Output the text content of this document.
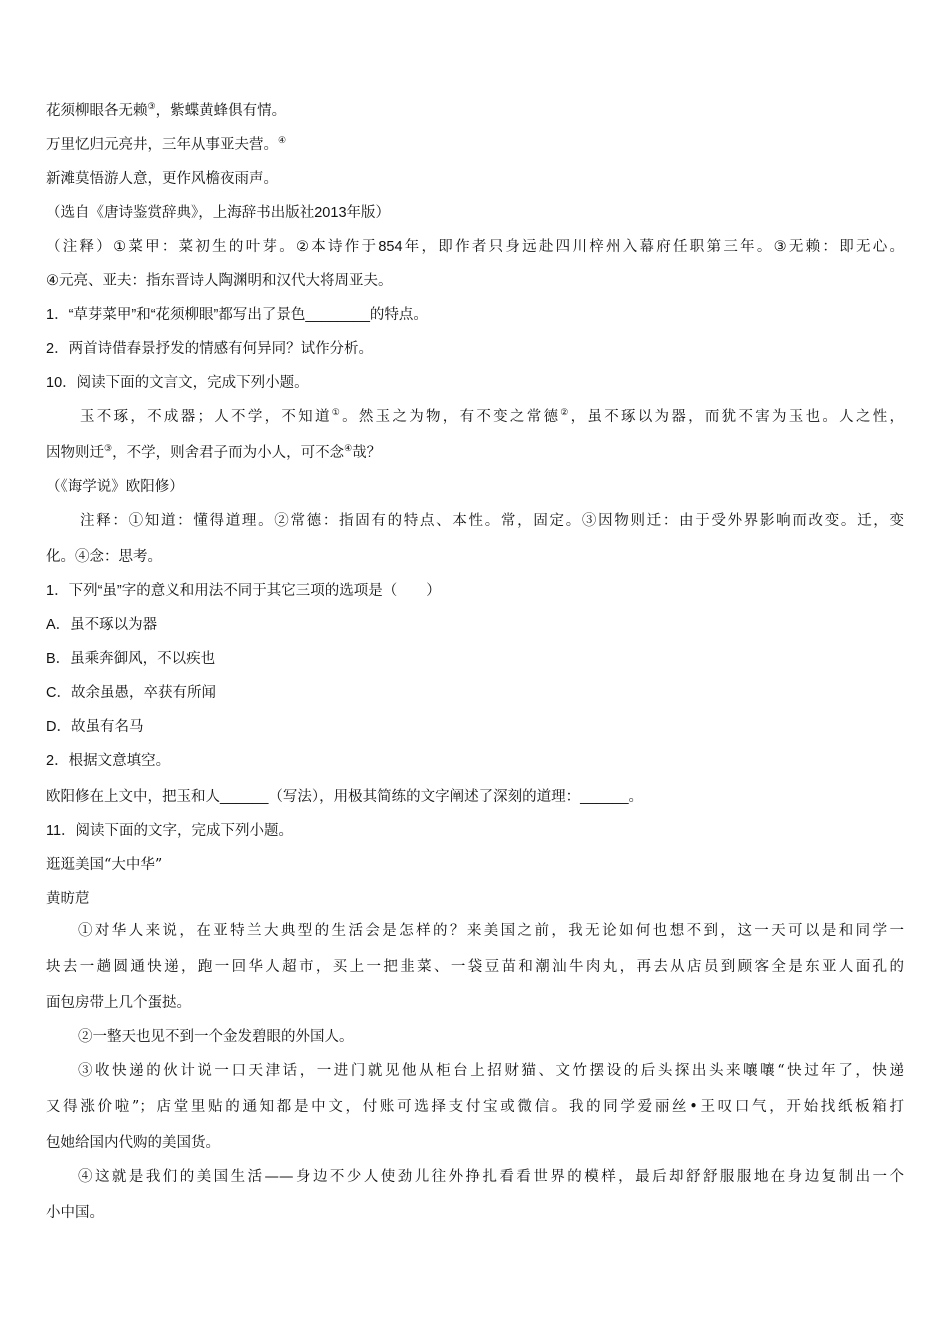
花须柳眼各无赖③，紫蝶黄蜂俱有情。
万里忆归元亮井，三年从事亚夫营。④
新滩莫悟游人意，更作风檐夜雨声。
（选自《唐诗鉴赏辞典》，上海辞书出版社2013年版）
（注释）①菜甲：菜初生的叶芽。②本诗作于854年，即作者只身远赴四川梓州入幕府任职第三年。③无赖：即无心。
④元亮、亚夫：指东晋诗人陶渊明和汉代大将周亚夫。
1．“草芽菜甲”和“花须柳眼”都写出了景色________的特点。
2．两首诗借春景抒发的情感有何异同？试作分析。
10．阅读下面的文言文，完成下列小题。
玉不琢，不成器；人不学，不知道①。然玉之为物，有不变之常德②，虽不琢以为器，而犹不害为玉也。人之性，
因物则迁③，不学，则舍君子而为小人，可不念④哉？
（《诲学说》欧阳修）
注释：①知道：懂得道理。②常德：指固有的特点、本性。常，固定。③因物则迁：由于受外界影响而改变。迁，变
化。④念：思考。
1．下列“虽”字的意义和用法不同于其它三项的选项是（　　）
A．虽不琢以为器
B．虽乘奔御风，不以疾也
C．故余虽愚，卒获有所闻
D．故虽有名马
2．根据文意填空。
欧阳修在上文中，把玉和人______（写法），用极其简练的文字阐述了深刻的道理：______。
11．阅读下面的文字，完成下列小题。
逛逛美国“大中华”
黄昉苨
①对华人来说，在亚特兰大典型的生活会是怎样的？来美国之前，我无论如何也想不到，这一天可以是和同学一
块去一趟圆通快递，跑一回华人超市，买上一把韭菜、一袋豆苗和潮汕牛肉丸，再去从店员到顾客全是东亚人面孔的
面包房带上几个蛋挞。
②一整天也见不到一个金发碧眼的外国人。
③收快递的伙计说一口天津话，一进门就见他从柜台上招财猫、文竹摆设的后头探出头来嚷嚷“快过年了，快递
又得涨价啦”；店堂里贴的通知都是中文，付账可选择支付宝或微信。我的同学爱丽丝•王叹口气，开始找纸板箱打
包她给国内代购的美国货。
④这就是我们的美国生活——身边不少人使劲儿往外挣扎看看世界的模样，最后却舒舒服服地在身边复制出一个
小中国。
